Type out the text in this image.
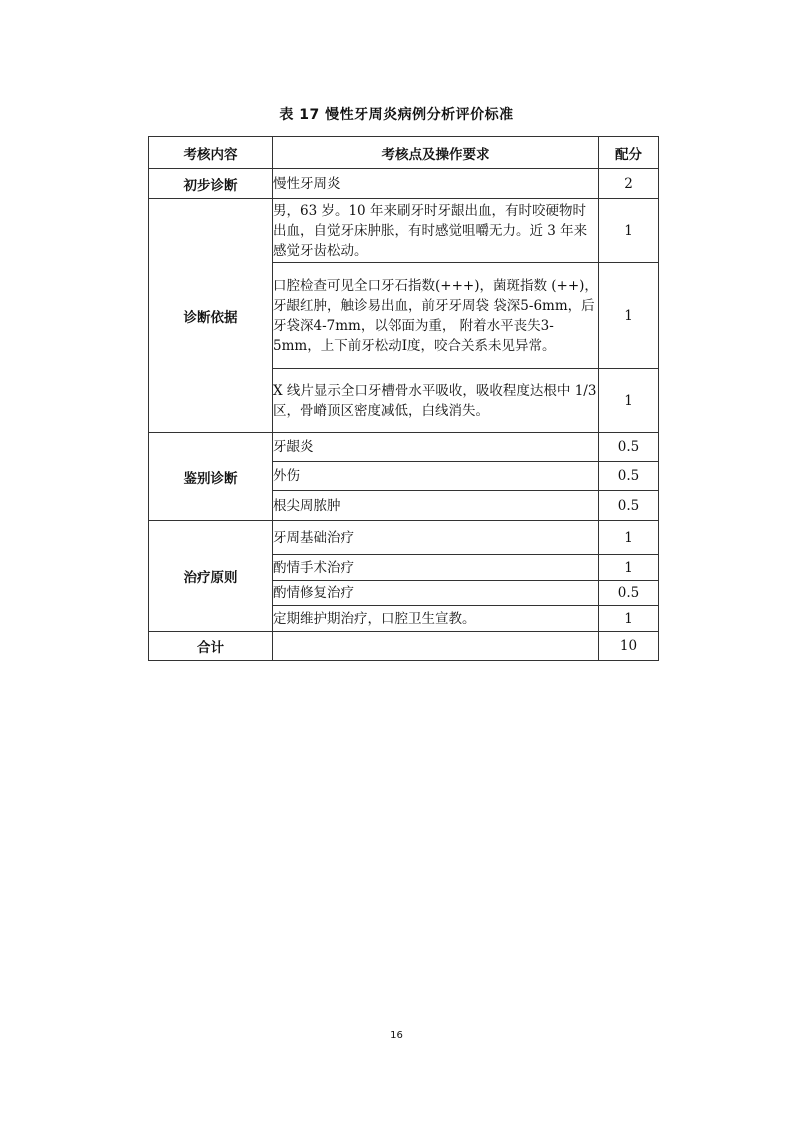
表 17 慢性牙周炎病例分析评价标准
考核内容	考核点及操作要求	配分
初步诊断	慢性牙周炎	2
诊断依据	男，63 岁。10 年来刷牙时牙龈出血，有时咬硬物时出血，自觉牙床肿胀，有时感觉咀嚼无力。近 3 年来感觉牙齿松动。	1
	口腔检查可见全口牙石指数(+++)，菌斑指数 (++)，牙龈红肿，触诊易出血，前牙牙周袋 袋深5-6mm，后牙袋深4-7mm，以邻面为重， 附着水平丧失3-5mm，上下前牙松动I度，咬合关系未见异常。	1
	X 线片显示全口牙槽骨水平吸收，吸收程度达根中 1/3 区，骨嵴顶区密度减低，白线消失。	1
鉴别诊断	牙龈炎	0.5
	外伤	0.5
	根尖周脓肿	0.5
治疗原则	牙周基础治疗	1
	酌情手术治疗	1
	酌情修复治疗	0.5
	定期维护期治疗，口腔卫生宣教。	1
合计		10
16
